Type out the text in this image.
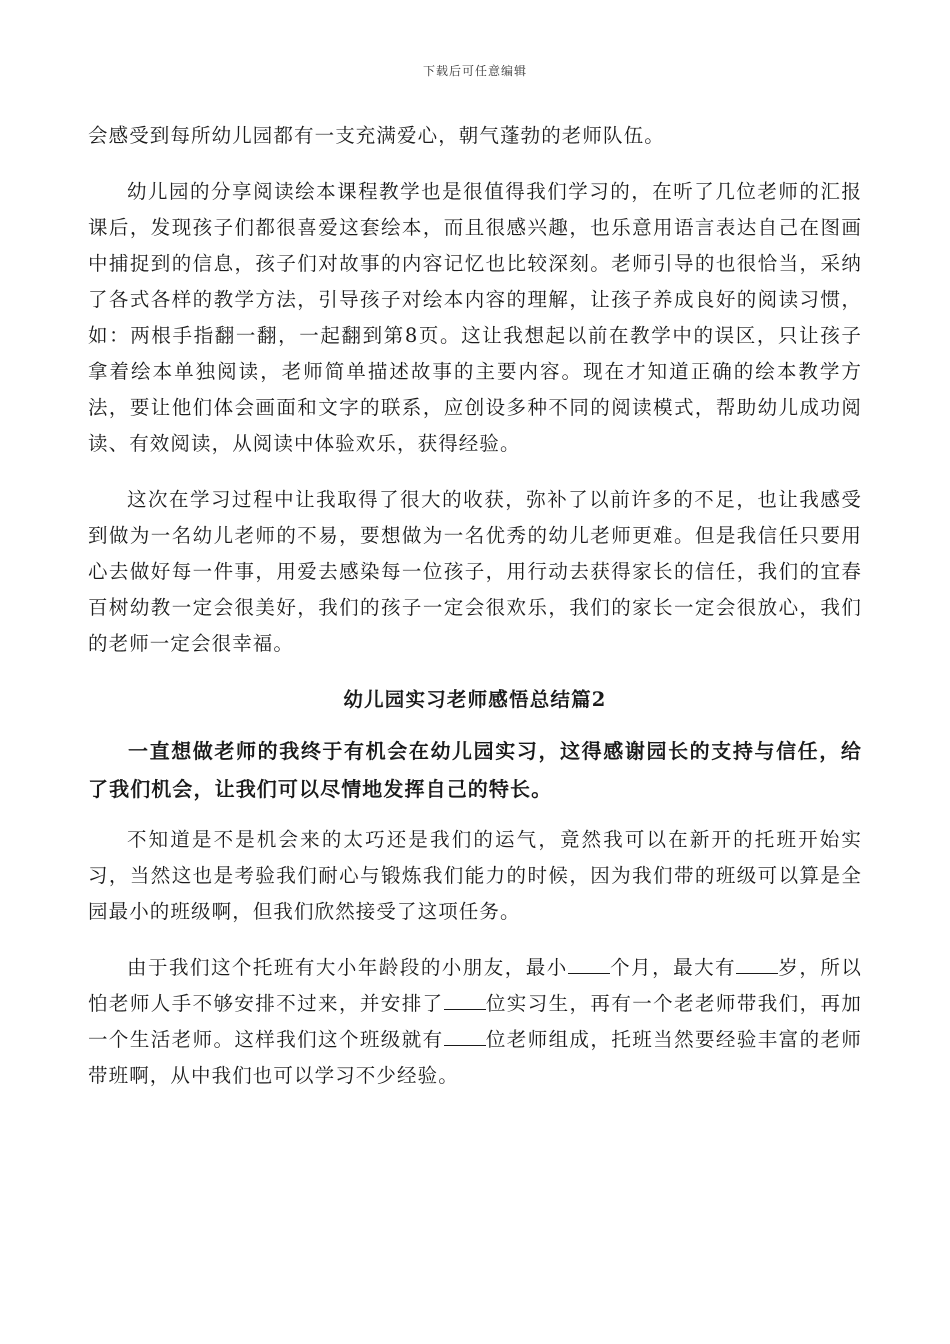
下载后可任意编辑

会感受到每所幼儿园都有一支充满爱心，朝气蓬勃的老师队伍。

幼儿园的分享阅读绘本课程教学也是很值得我们学习的，在听了几位老师的汇报课后，发现孩子们都很喜爱这套绘本，而且很感兴趣，也乐意用语言表达自己在图画中捕捉到的信息，孩子们对故事的内容记忆也比较深刻。老师引导的也很恰当，采纳了各式各样的教学方法，引导孩子对绘本内容的理解，让孩子养成良好的阅读习惯，如：两根手指翻一翻，一起翻到第8页。这让我想起以前在教学中的误区，只让孩子拿着绘本单独阅读，老师简单描述故事的主要内容。现在才知道正确的绘本教学方法，要让他们体会画面和文字的联系，应创设多种不同的阅读模式，帮助幼儿成功阅读、有效阅读，从阅读中体验欢乐，获得经验。

这次在学习过程中让我取得了很大的收获，弥补了以前许多的不足，也让我感受到做为一名幼儿老师的不易，要想做为一名优秀的幼儿老师更难。但是我信任只要用心去做好每一件事，用爱去感染每一位孩子，用行动去获得家长的信任，我们的宜春百树幼教一定会很美好，我们的孩子一定会很欢乐，我们的家长一定会很放心，我们的老师一定会很幸福。

幼儿园实习老师感悟总结篇2

一直想做老师的我终于有机会在幼儿园实习，这得感谢园长的支持与信任，给了我们机会，让我们可以尽情地发挥自己的特长。

不知道是不是机会来的太巧还是我们的运气，竟然我可以在新开的托班开始实习，当然这也是考验我们耐心与锻炼我们能力的时候，因为我们带的班级可以算是全园最小的班级啊，但我们欣然接受了这项任务。

由于我们这个托班有大小年龄段的小朋友，最小 个月，最大有 岁，所以怕老师人手不够安排不过来，并安排了 位实习生，再有一个老老师带我们，再加一个生活老师。这样我们这个班级就有 位老师组成，托班当然要经验丰富的老师带班啊，从中我们也可以学习不少经验。
